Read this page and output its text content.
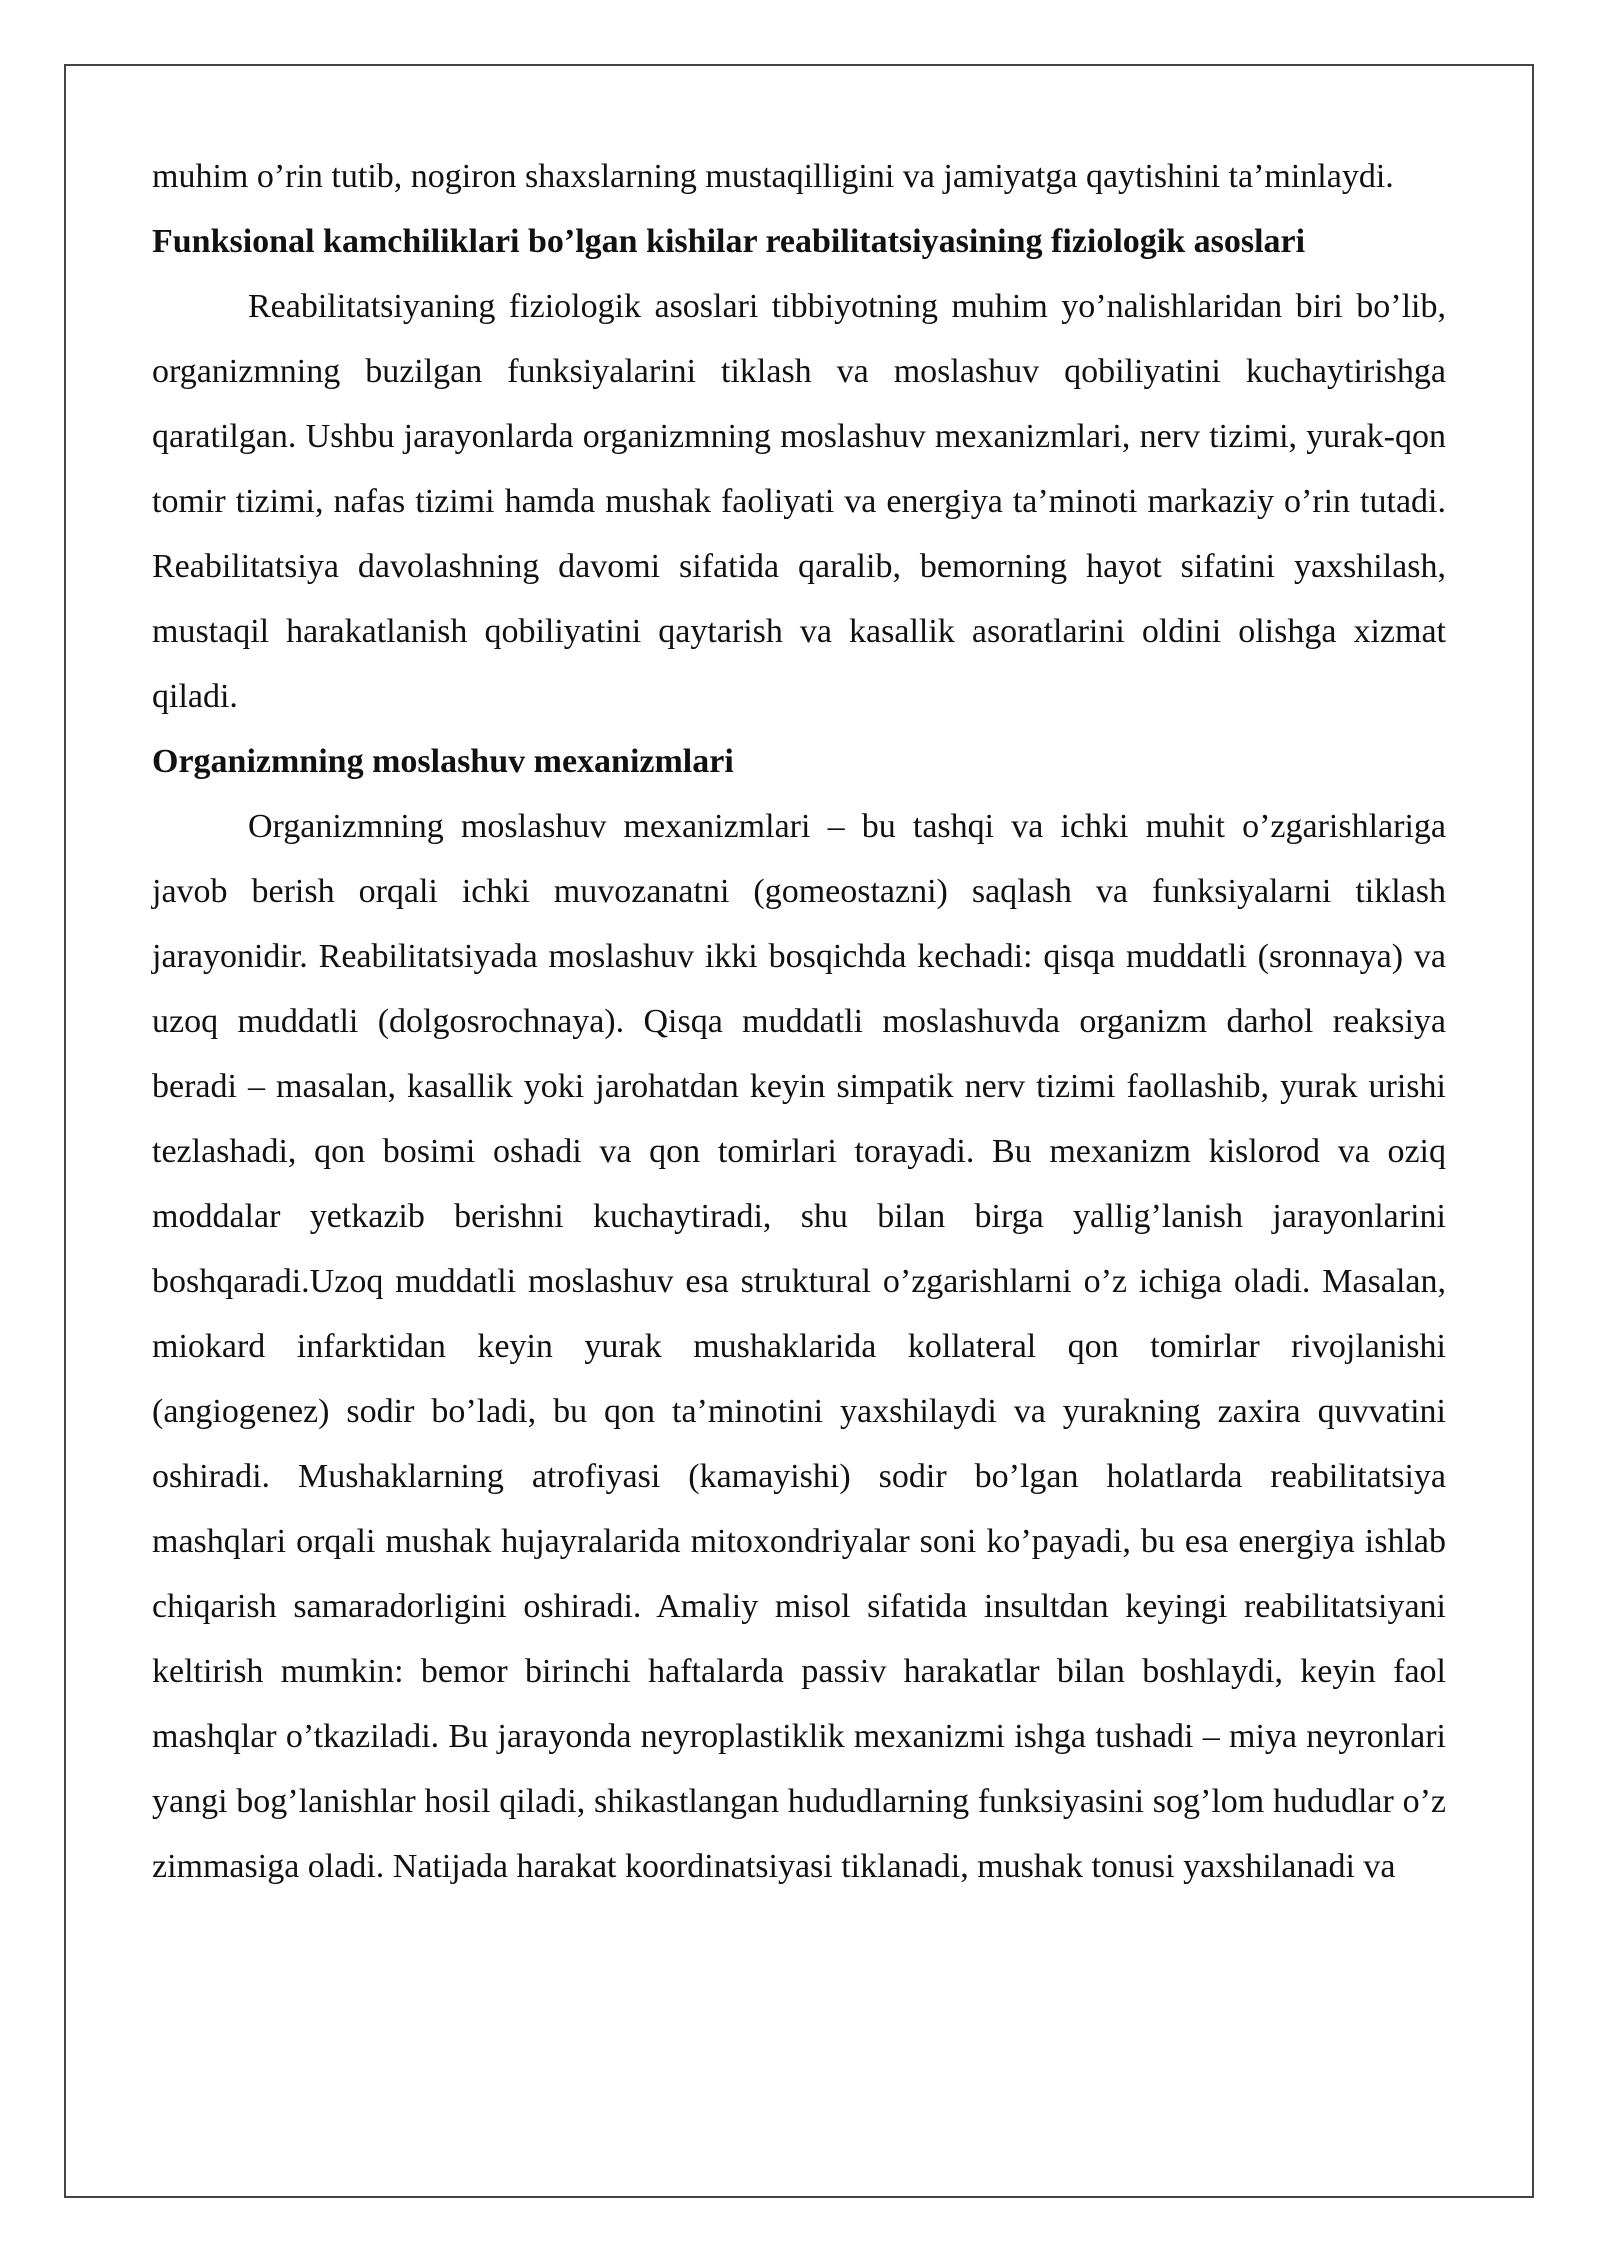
muhim o’rin tutib, nogiron shaxslarning mustaqilligini va jamiyatga qaytishini ta’minlaydi.

Funksional kamchiliklari bo’lgan kishilar reabilitatsiyasining fiziologik asoslari

Reabilitatsiyaning fiziologik asoslari tibbiyotning muhim yo’nalishlaridan biri bo’lib, organizmning buzilgan funksiyalarini tiklash va moslashuv qobiliyatini kuchaytirishga qaratilgan. Ushbu jarayonlarda organizmning moslashuv mexanizmlari, nerv tizimi, yurak-qon tomir tizimi, nafas tizimi hamda mushak faoliyati va energiya ta’minoti markaziy o’rin tutadi. Reabilitatsiya davolashning davomi sifatida qaralib, bemorning hayot sifatini yaxshilash, mustaqil harakatlanish qobiliyatini qaytarish va kasallik asoratlarini oldini olishga xizmat qiladi.

Organizmning moslashuv mexanizmlari

Organizmning moslashuv mexanizmlari – bu tashqi va ichki muhit o’zgarishlariga javob berish orqali ichki muvozanatni (gomeostazni) saqlash va funksiyalarni tiklash jarayonidir. Reabilitatsiyada moslashuv ikki bosqichda kechadi: qisqa muddatli (sronnaya) va uzoq muddatli (dolgosrochnaya). Qisqa muddatli moslashuvda organizm darhol reaksiya beradi – masalan, kasallik yoki jarohatdan keyin simpatik nerv tizimi faollashib, yurak urishi tezlashadi, qon bosimi oshadi va qon tomirlari torayadi. Bu mexanizm kislorod va oziq moddalar yetkazib berishni kuchaytiradi, shu bilan birga yallig’lanish jarayonlarini boshqaradi.Uzoq muddatli moslashuv esa struktural o’zgarishlarni o’z ichiga oladi. Masalan, miokard infarktidan keyin yurak mushaklarida kollateral qon tomirlar rivojlanishi (angiogenez) sodir bo’ladi, bu qon ta’minotini yaxshilaydi va yurakning zaxira quvvatini oshiradi. Mushaklarning atrofiyasi (kamayishi) sodir bo’lgan holatlarda reabilitatsiya mashqlari orqali mushak hujayralarida mitoxondriyalar soni ko’payadi, bu esa energiya ishlab chiqarish samaradorligini oshiradi. Amaliy misol sifatida insultdan keyingi reabilitatsiyani keltirish mumkin: bemor birinchi haftalarda passiv harakatlar bilan boshlaydi, keyin faol mashqlar o’tkaziladi. Bu jarayonda neyroplastiklik mexanizmi ishga tushadi – miya neyronlari yangi bog’lanishlar hosil qiladi, shikastlangan hududlarning funksiyasini sog’lom hududlar o’z zimmasiga oladi. Natijada harakat koordinatsiyasi tiklanadi, mushak tonusi yaxshilanadi va
